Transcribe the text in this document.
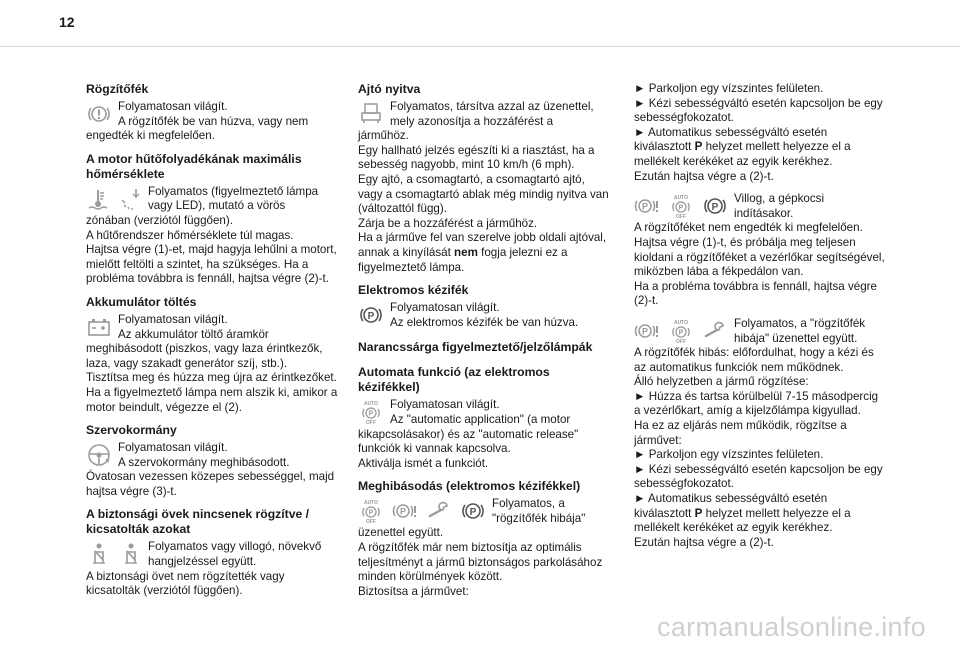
12
Rögzítőfék
Folyamatosan világít.
A rögzítőfék be van húzva, vagy nem
engedték ki megfelelően.
A motor hűtőfolyadékának maximális
hőmérséklete
Folyamatos (figyelmeztető lámpa
vagy LED), mutató a vörös
zónában (verziótól függően).
A hűtőrendszer hőmérséklete túl magas.
Hajtsa végre (1)-et, majd hagyja lehűlni a motort,
mielőtt feltölti a szintet, ha szükséges. Ha a
probléma továbbra is fennáll, hajtsa végre (2)-t.
Akkumulátor töltés
Folyamatosan világít.
Az akkumulátor töltő áramkör
meghibásodott (piszkos, vagy laza érintkezők,
laza, vagy szakadt generátor szíj, stb.).
Tisztítsa meg és húzza meg újra az érintkezőket.
Ha a figyelmeztető lámpa nem alszik ki, amikor a
motor beindult, végezze el (2).
Szervokormány
Folyamatosan világít.
A szervokormány meghibásodott.
Óvatosan vezessen közepes sebességgel, majd
hajtsa végre (3)-t.
A biztonsági övek nincsenek rögzítve /
kicsatolták azokat
Folyamatos vagy villogó, növekvő
hangjelzéssel együtt.
A biztonsági övet nem rögzítették vagy
kicsatolták (verziótól függően).
Ajtó nyitva
Folyamatos, társítva azzal az üzenettel,
mely azonosítja a hozzáférést a
járműhöz.
Egy hallható jelzés egészíti ki a riasztást, ha a
sebesség nagyobb, mint 10 km/h (6 mph).
Egy ajtó, a csomagtartó, a csomagtartó ajtó,
vagy a csomagtartó ablak még mindig nyitva van
(változattól függ).
Zárja be a hozzáférést a járműhöz.
Ha a járműve fel van szerelve jobb oldali ajtóval,
annak a kinyílását nem fogja jelezni ez a
figyelmeztető lámpa.
Elektromos kézifék
Folyamatosan világít.
Az elektromos kézifék be van húzva.
Narancssárga figyelmeztető/jelzőlámpák
Automata funkció (az elektromos
kézifékkel)
Folyamatosan világít.
Az "automatic application" (a motor
kikapcsolásakor) és az "automatic release"
funkciók ki vannak kapcsolva.
Aktiválja ismét a funkciót.
Meghibásodás (elektromos kézifékkel)
Folyamatos, a
"rögzítőfék hibája"
üzenettel együtt.
A rögzítőfék már nem biztosítja az optimális
teljesítményt a jármű biztonságos parkolásához
minden körülmények között.
Biztosítsa a járművet:
► Parkoljon egy vízszintes felületen.
► Kézi sebességváltó esetén kapcsoljon be egy
sebességfokozatot.
► Automatikus sebességváltó esetén
kiválasztott P helyzet mellett helyezze el a
mellékelt kerékéket az egyik kerékhez.
Ezután hajtsa végre a (2)-t.
Villog, a gépkocsi
indításakor.
A rögzítőféket nem engedték ki megfelelően.
Hajtsa végre (1)-t, és próbálja meg teljesen
kioldani a rögzítőféket a vezérlőkar segítségével,
miközben lába a fékpedálon van.
Ha a probléma továbbra is fennáll, hajtsa végre
(2)-t.
Folyamatos, a "rögzítőfék
hibája" üzenettel együtt.
A rögzítőfék hibás: előfordulhat, hogy a kézi és
az automatikus funkciók nem működnek.
Álló helyzetben a jármű rögzítése:
► Húzza és tartsa körülbelül 7-15 másodpercig
a vezérlőkart, amíg a kijelzőlámpa kigyullad.
Ha ez az eljárás nem működik, rögzítse a
járművet:
► Parkoljon egy vízszintes felületen.
► Kézi sebességváltó esetén kapcsoljon be egy
sebességfokozatot.
► Automatikus sebességváltó esetén
kiválasztott P helyzet mellett helyezze el a
mellékelt kerékéket az egyik kerékhez.
Ezután hajtsa végre a (2)-t.
carmanualsonline.info
